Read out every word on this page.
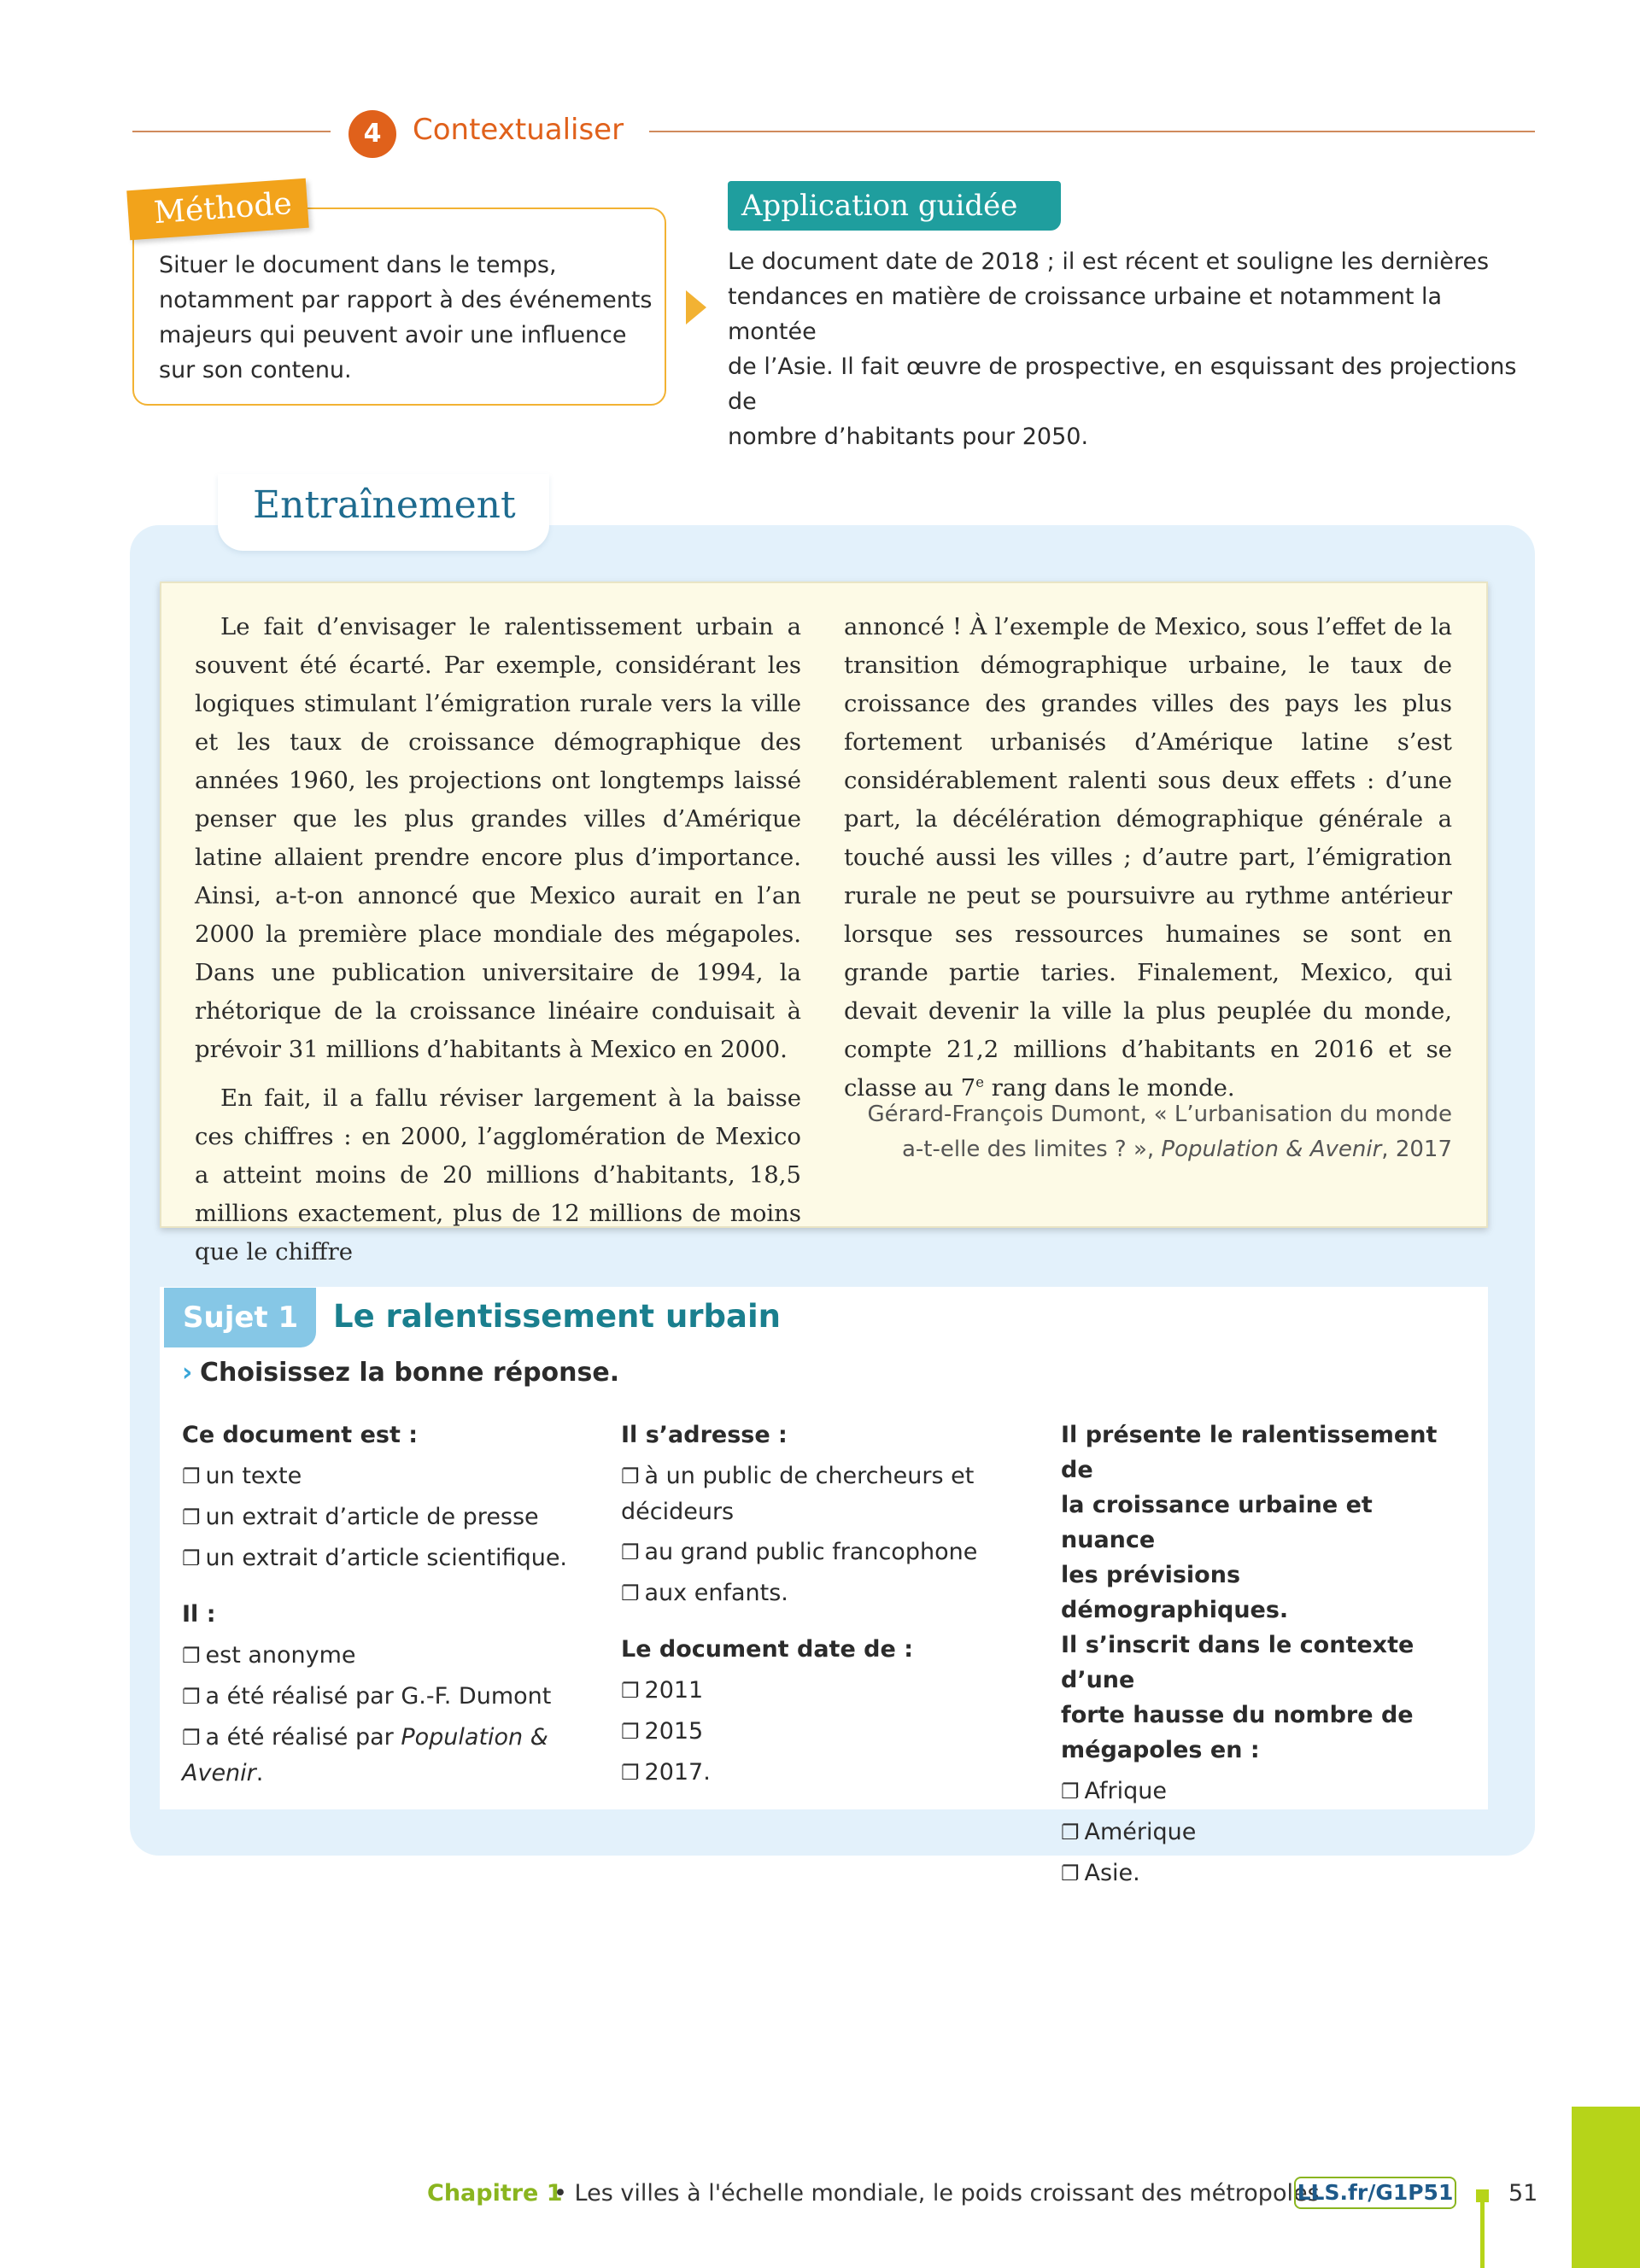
4	Contextualiser
Méthode
Situer le document dans le temps,
notamment par rapport à des événements
majeurs qui peuvent avoir une influence
sur son contenu.
Application guidée
Le document date de 2018 ; il est récent et souligne les dernières
tendances en matière de croissance urbaine et notamment la montée
de l’Asie. Il fait œuvre de prospective, en esquissant des projections de
nombre d’habitants pour 2050.
Entraînement

Le fait d’envisager le ralentissement urbain a souvent été écarté. Par exemple, considérant les logiques stimulant l’émigration rurale vers la ville et les taux de croissance démographique des années 1960, les projections ont longtemps laissé penser que les plus grandes villes d’Amérique latine allaient prendre encore plus d’importance. Ainsi, a-t-on annoncé que Mexico aurait en l’an 2000 la première place mondiale des mégapoles. Dans une publication universitaire de 1994, la rhétorique de la croissance linéaire conduisait à prévoir 31 millions d’habitants à Mexico en 2000.

En fait, il a fallu réviser largement à la baisse ces chiffres : en 2000, l’agglomération de Mexico a atteint moins de 20 millions d’habitants, 18,5 millions exactement, plus de 12 millions de moins que le chiffre

annoncé ! À l’exemple de Mexico, sous l’effet de la transition démographique urbaine, le taux de croissance des grandes villes des pays les plus fortement urbanisés d’Amérique latine s’est considérablement ralenti sous deux effets : d’une part, la décélération démographique générale a touché aussi les villes ; d’autre part, l’émigration rurale ne peut se poursuivre au rythme antérieur lorsque ses ressources humaines se sont en grande partie taries. Finalement, Mexico, qui devait devenir la ville la plus peuplée du monde, compte 21,2 millions d’habitants en 2016 et se classe au 7e rang dans le monde.

Gérard-François Dumont, « L’urbanisation du monde
a-t-elle des limites ? », Population & Avenir, 2017
Sujet 1	Le ralentissement urbain
› Choisissez la bonne réponse.
Ce document est :
❐ un texte
❐ un extrait d’article de presse
❐ un extrait d’article scientifique.
Il :
❐ est anonyme
❐ a été réalisé par G.-F. Dumont
❐ a été réalisé par Population &
Avenir.
Il s’adresse :
❐ à un public de chercheurs et décideurs
❐ au grand public francophone
❐ aux enfants.
Le document date de :
❐ 2011
❐ 2015
❐ 2017.
Il présente le ralentissement de
la croissance urbaine et nuance
les prévisions démographiques.
Il s’inscrit dans le contexte d’une
forte hausse du nombre de
mégapoles en :
❐ Afrique
❐ Amérique
❐ Asie.
Chapitre 1
• Les villes à l'échelle mondiale, le poids croissant des métropoles
LLS.fr/G1P51 51
